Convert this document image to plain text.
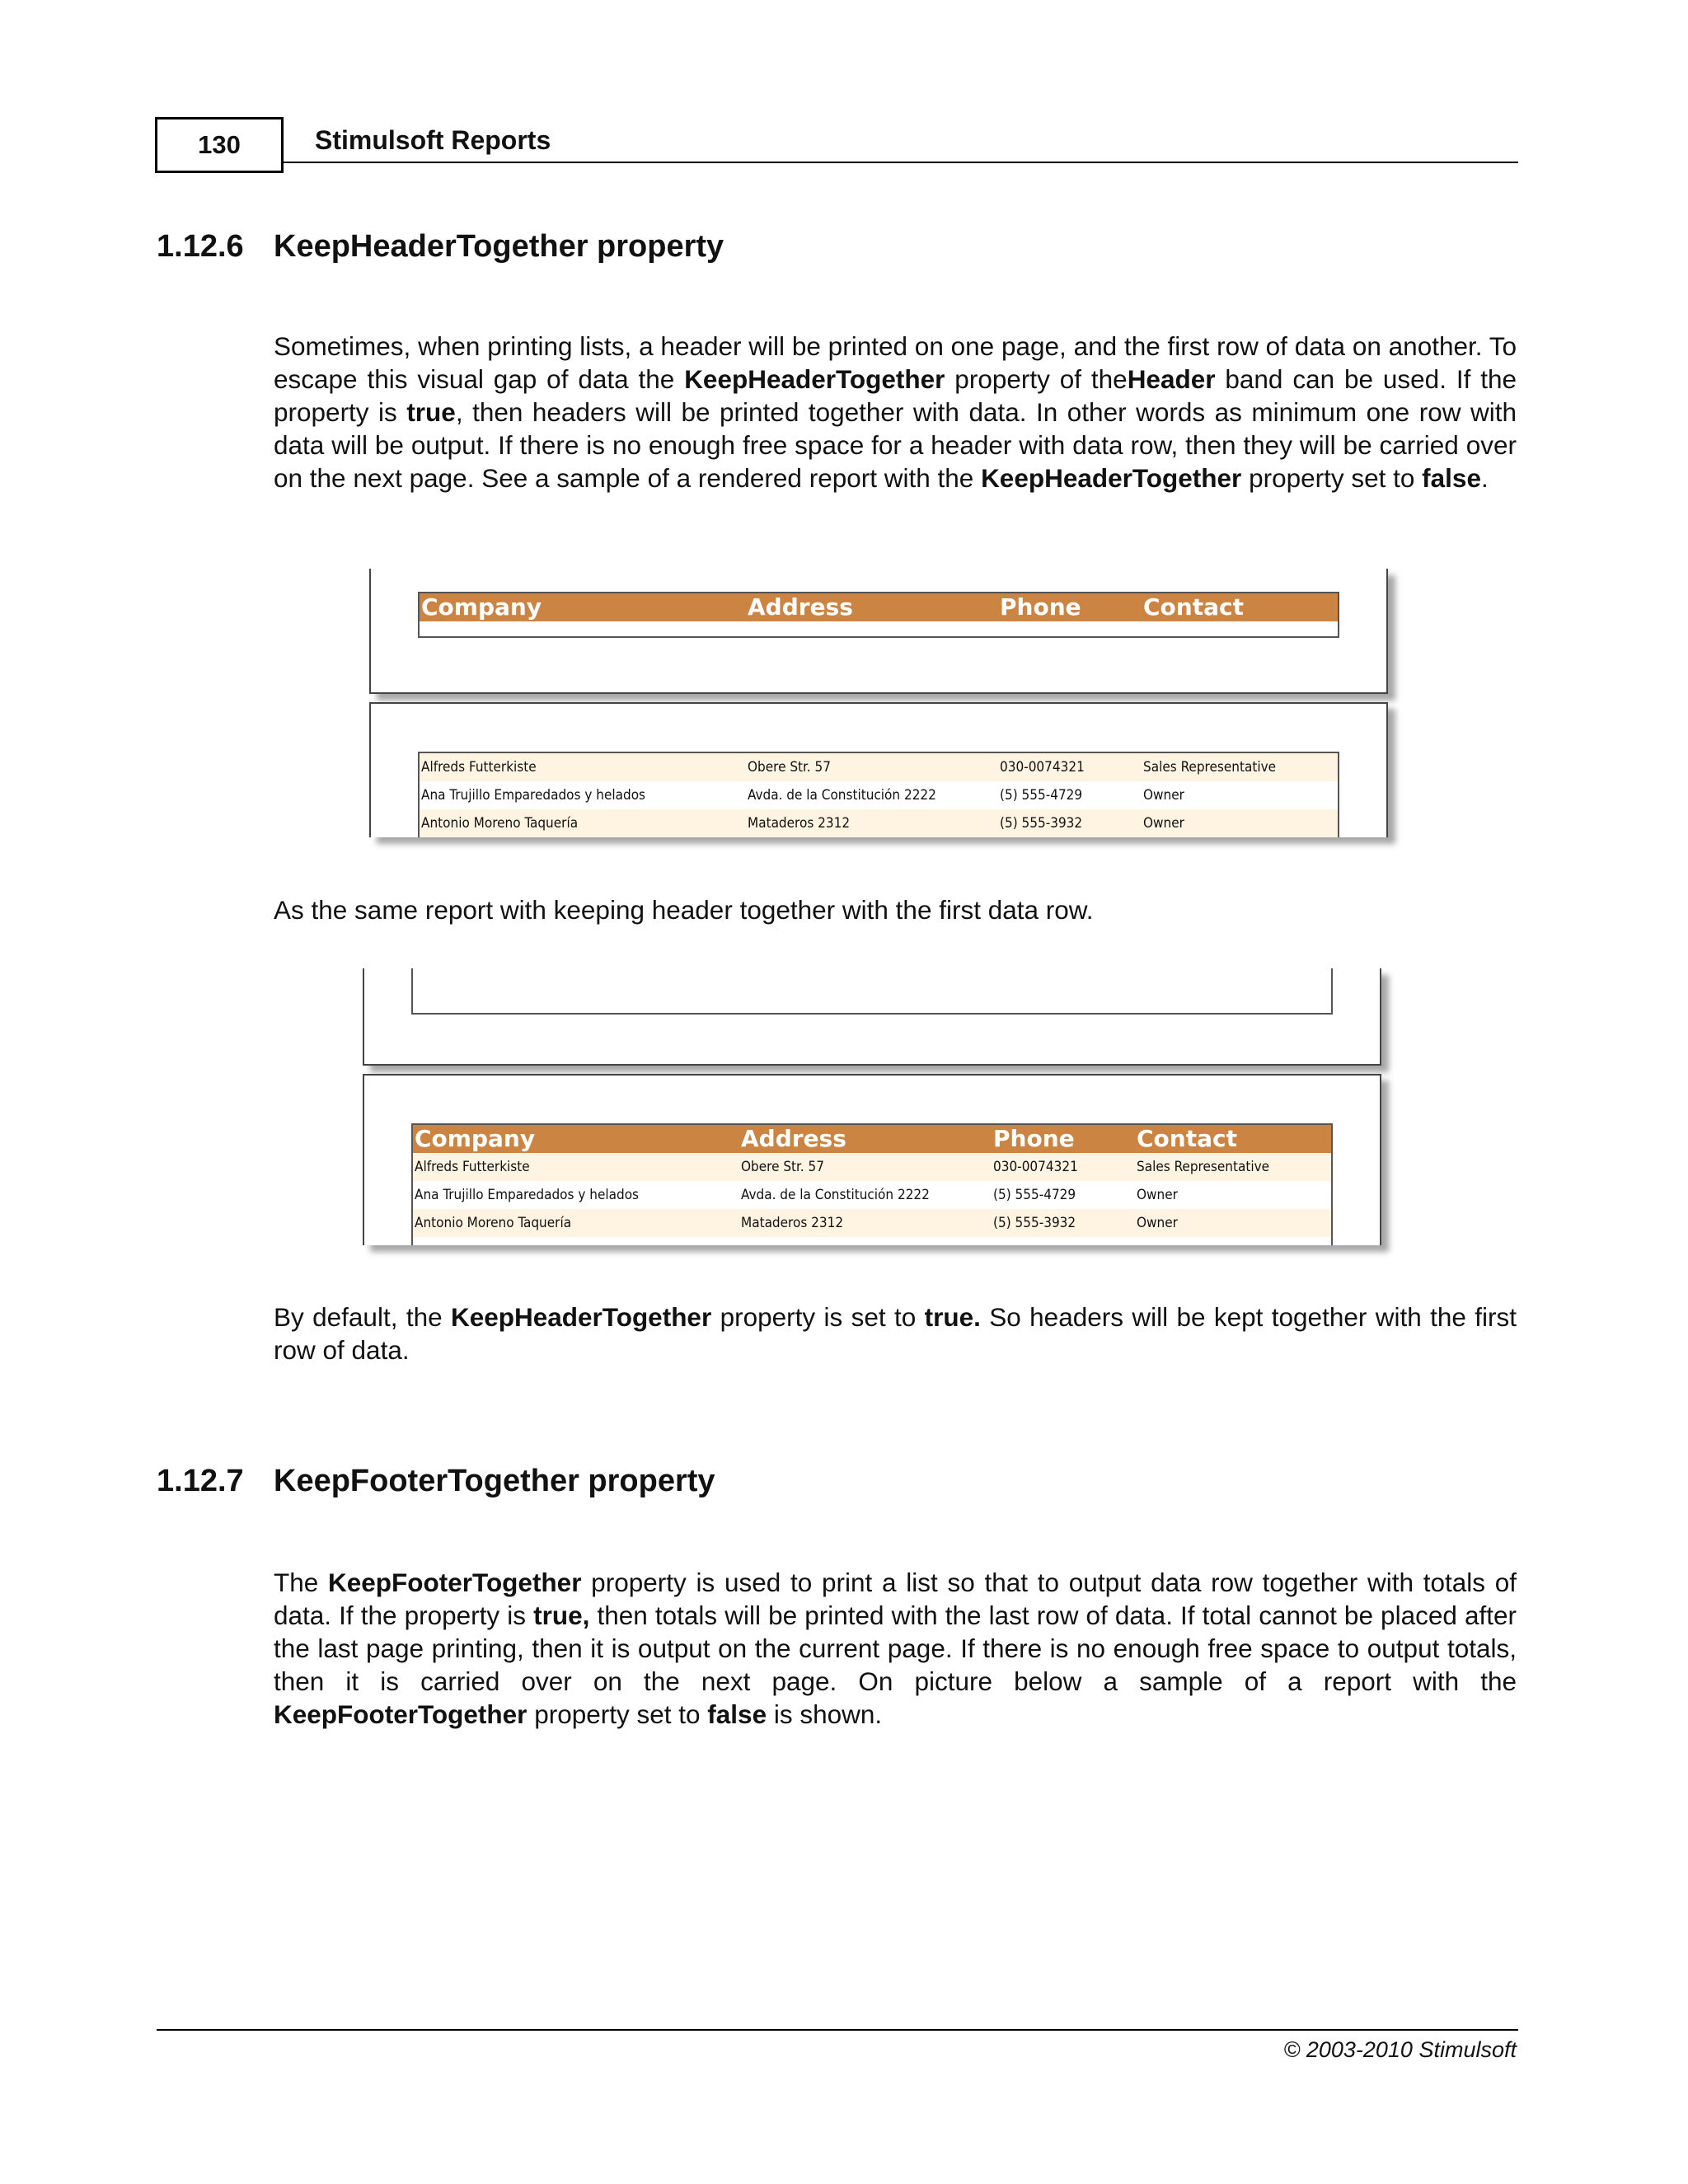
130	Stimulsoft Reports
1.12.6 KeepHeaderTogether property

Sometimes, when printing lists, a header will be printed on one page, and the first row of data on another. To escape this visual gap of data the KeepHeaderTogether property of theHeader band can be used. If the property is true, then headers will be printed together with data. In other words as minimum one row with data will be output. If there is no enough free space for a header with data row, then they will be carried over on the next page. See a sample of a rendered report with the KeepHeaderTogether property set to false.

Company	Address	Phone	Contact
Alfreds Futterkiste	Obere Str. 57	030-0074321	Sales Representative
Ana Trujillo Emparedados y helados	Avda. de la Constitución 2222	(5) 555-4729	Owner
Antonio Moreno Taquería	Mataderos 2312	(5) 555-3932	Owner

As the same report with keeping header together with the first data row.

Company	Address	Phone	Contact
Alfreds Futterkiste	Obere Str. 57	030-0074321	Sales Representative
Ana Trujillo Emparedados y helados	Avda. de la Constitución 2222	(5) 555-4729	Owner
Antonio Moreno Taquería	Mataderos 2312	(5) 555-3932	Owner

By default, the KeepHeaderTogether property is set to true. So headers will be kept together with the first row of data.

1.12.7 KeepFooterTogether property

The KeepFooterTogether property is used to print a list so that to output data row together with totals of data. If the property is true, then totals will be printed with the last row of data. If total cannot be placed after the last page printing, then it is output on the current page. If there is no enough free space to output totals, then it is carried over on the next page. On picture below a sample of a report with the KeepFooterTogether property set to false is shown.

© 2003-2010 Stimulsoft
